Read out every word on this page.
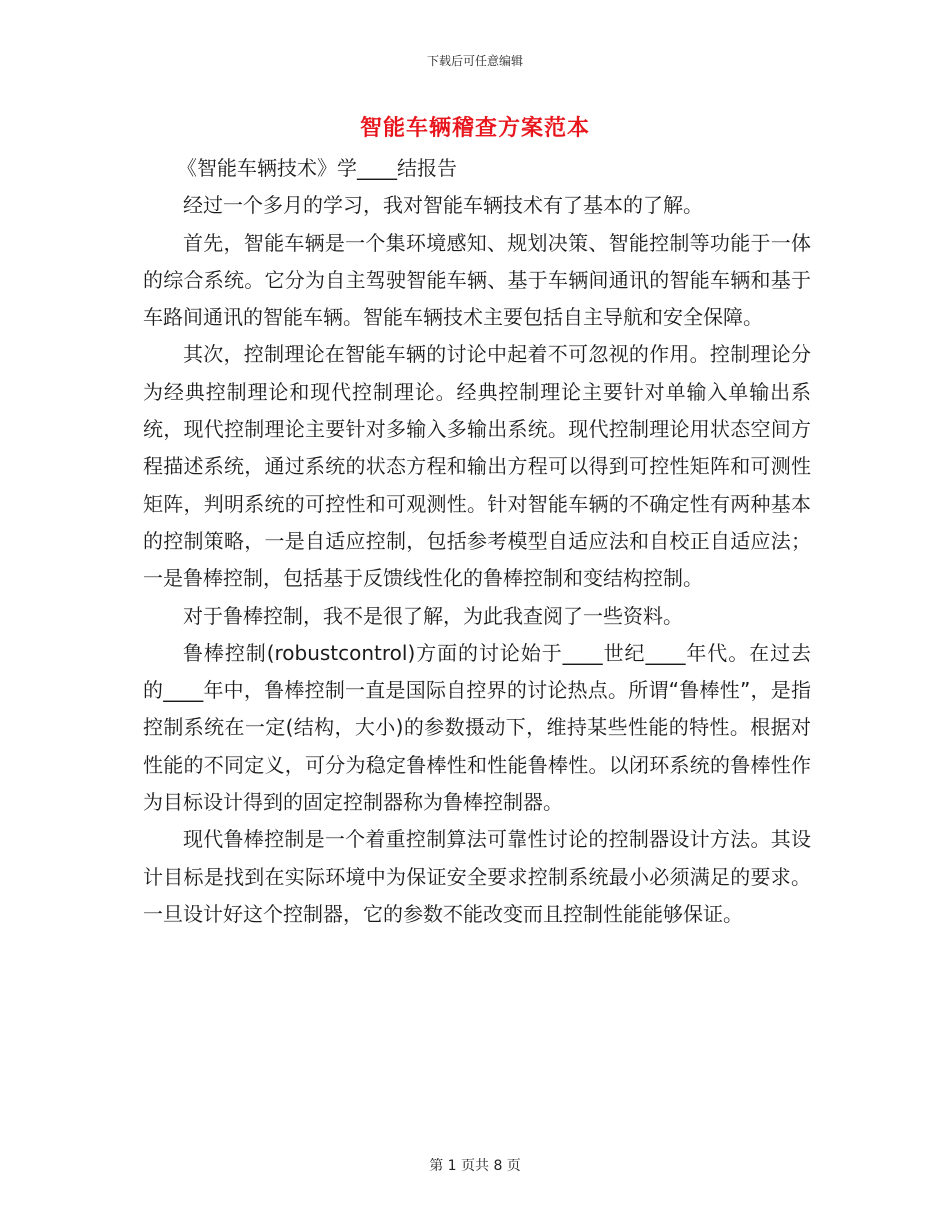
下载后可任意编辑
智能车辆稽查方案范本

《智能车辆技术》学____结报告

经过一个多月的学习，我对智能车辆技术有了基本的了解。

首先，智能车辆是一个集环境感知、规划决策、智能控制等功能于一体的综合系统。它分为自主驾驶智能车辆、基于车辆间通讯的智能车辆和基于车路间通讯的智能车辆。智能车辆技术主要包括自主导航和安全保障。

其次，控制理论在智能车辆的讨论中起着不可忽视的作用。控制理论分为经典控制理论和现代控制理论。经典控制理论主要针对单输入单输出系统，现代控制理论主要针对多输入多输出系统。现代控制理论用状态空间方程描述系统，通过系统的状态方程和输出方程可以得到可控性矩阵和可测性矩阵，判明系统的可控性和可观测性。针对智能车辆的不确定性有两种基本的控制策略，一是自适应控制，包括参考模型自适应法和自校正自适应法；一是鲁棒控制，包括基于反馈线性化的鲁棒控制和变结构控制。

对于鲁棒控制，我不是很了解，为此我查阅了一些资料。

鲁棒控制(robustcontrol)方面的讨论始于____世纪____年代。在过去的____年中，鲁棒控制一直是国际自控界的讨论热点。所谓“鲁棒性”，是指控制系统在一定(结构，大小)的参数摄动下，维持某些性能的特性。根据对性能的不同定义，可分为稳定鲁棒性和性能鲁棒性。以闭环系统的鲁棒性作为目标设计得到的固定控制器称为鲁棒控制器。

现代鲁棒控制是一个着重控制算法可靠性讨论的控制器设计方法。其设计目标是找到在实际环境中为保证安全要求控制系统最小必须满足的要求。一旦设计好这个控制器，它的参数不能改变而且控制性能能够保证。

第 1 页共 8 页
